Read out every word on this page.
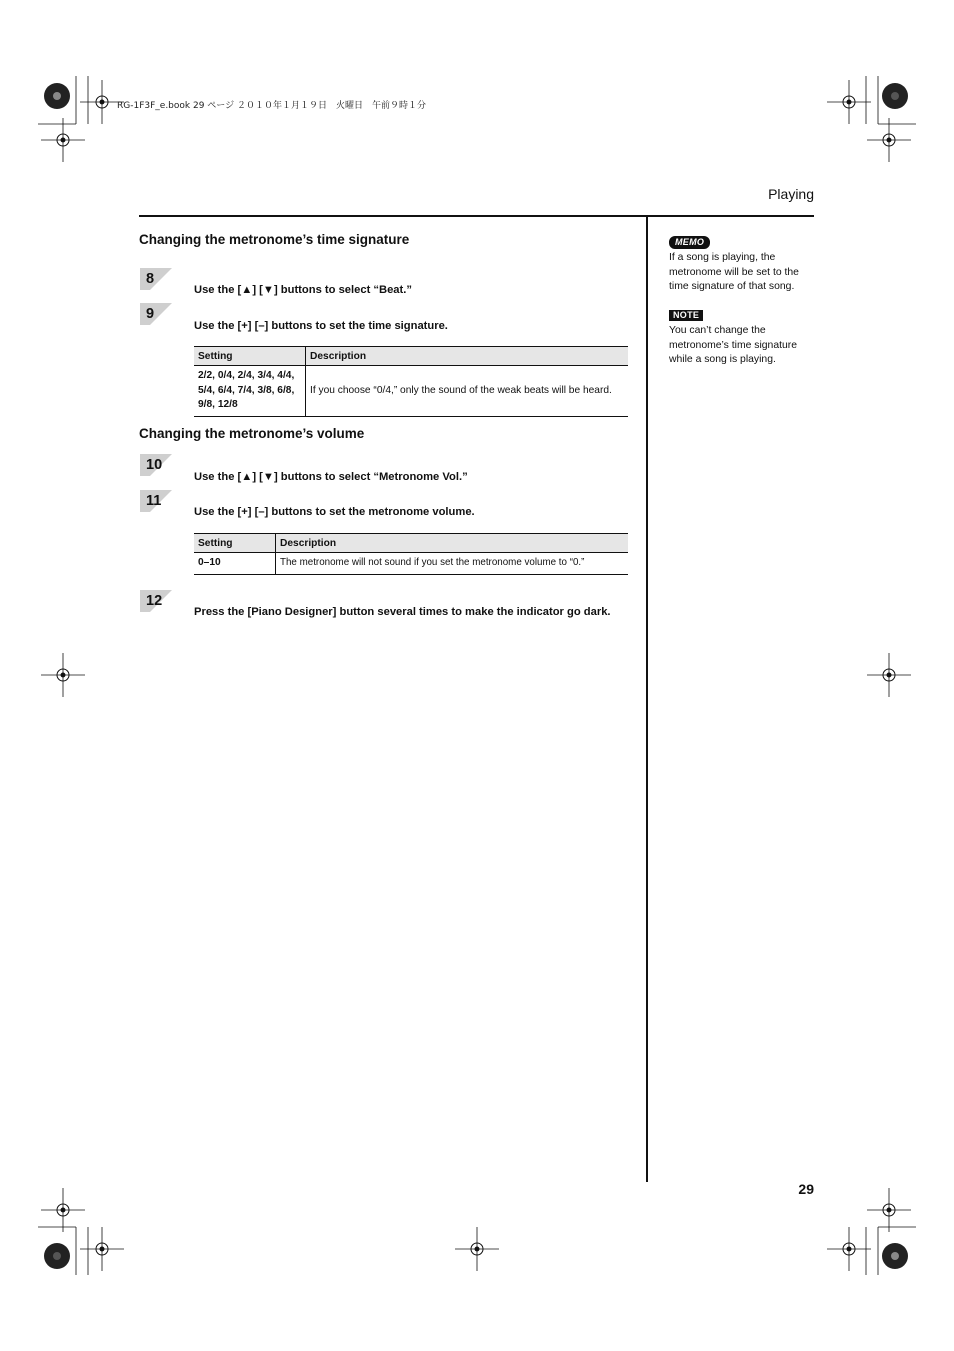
RG-1F3F_e.book 29 ページ ２０１０年１月１９日　火曜日　午前９時１分
Playing
Changing the metronome’s time signature
8
Use the [▲] [▼] buttons to select “Beat.”
9
Use the [+] [–] buttons to set the time signature.
Setting	Description
2/2, 0/4, 2/4, 3/4, 4/4, 5/4, 6/4, 7/4, 3/8, 6/8, 9/8, 12/8	If you choose “0/4,” only the sound of the weak beats will be heard.
Changing the metronome’s volume
10
Use the [▲] [▼] buttons to select “Metronome Vol.”
11
Use the [+] [–] buttons to set the metronome volume.
Setting	Description
0–10	The metronome will not sound if you set the metronome volume to “0.”
12
Press the [Piano Designer] button several times to make the indicator go dark.
MEMO
If a song is playing, the metronome will be set to the time signature of that song.
NOTE
You can’t change the metronome’s time signature while a song is playing.
29
